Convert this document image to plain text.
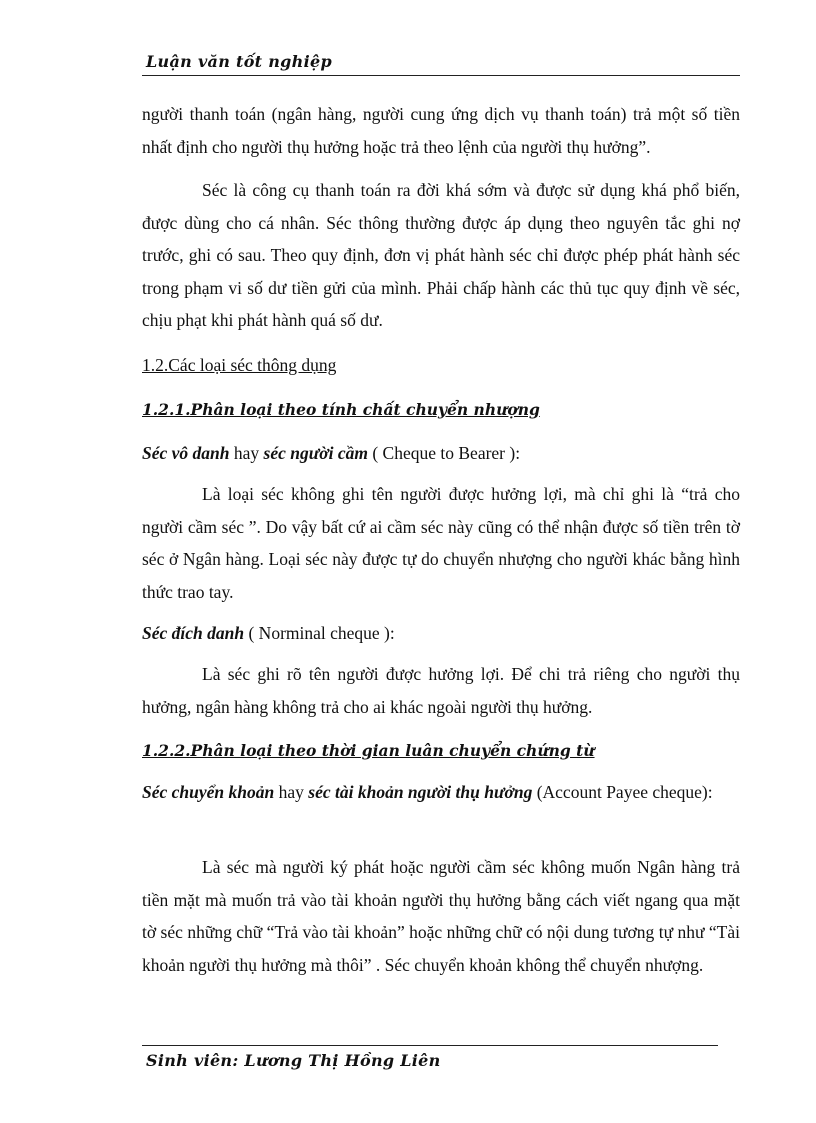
Luận văn tốt nghiệp

người thanh toán (ngân hàng, người cung ứng dịch vụ thanh toán) trả một số tiền nhất định cho người thụ hưởng hoặc trả theo lệnh của người thụ hưởng”.

Séc là công cụ thanh toán ra đời khá sớm và được sử dụng khá phổ biến, được dùng cho cá nhân. Séc thông thường được áp dụng theo nguyên tắc ghi nợ trước, ghi có sau. Theo quy định, đơn vị phát hành séc chỉ được phép phát hành séc trong phạm vi số dư tiền gửi của mình. Phải chấp hành các thủ tục quy định về séc, chịu phạt khi phát hành quá số dư.

1.2.Các loại séc thông dụng

1.2.1.Phân loại theo tính chất chuyển nhượng

Séc vô danh hay séc người cầm ( Cheque to Bearer ):

Là loại séc không ghi tên người được hưởng lợi, mà chỉ ghi là “trả cho người cầm séc ”. Do vậy bất cứ ai cầm séc này cũng có thể nhận được số tiền trên tờ séc ở Ngân hàng. Loại séc này được tự do chuyển nhượng cho người khác bằng hình thức trao tay.

Séc đích danh ( Norminal cheque ):

Là séc ghi rõ tên người được hưởng lợi. Để chi trả riêng cho người thụ hưởng, ngân hàng không trả cho ai khác ngoài người thụ hưởng.

1.2.2.Phân loại theo thời gian luân chuyển chứng từ

Séc chuyển khoản hay séc tài khoản người thụ hưởng (Account Payee cheque):

Là séc mà người ký phát hoặc người cầm séc không muốn Ngân hàng trả tiền mặt mà muốn trả vào tài khoản người thụ hưởng bằng cách viết ngang qua mặt tờ séc những chữ “Trả vào tài khoản” hoặc những chữ có nội dung tương tự như “Tài khoản người thụ hưởng mà thôi” . Séc chuyển khoản không thể chuyển nhượng.

Sinh viên: Lương Thị Hồng Liên
